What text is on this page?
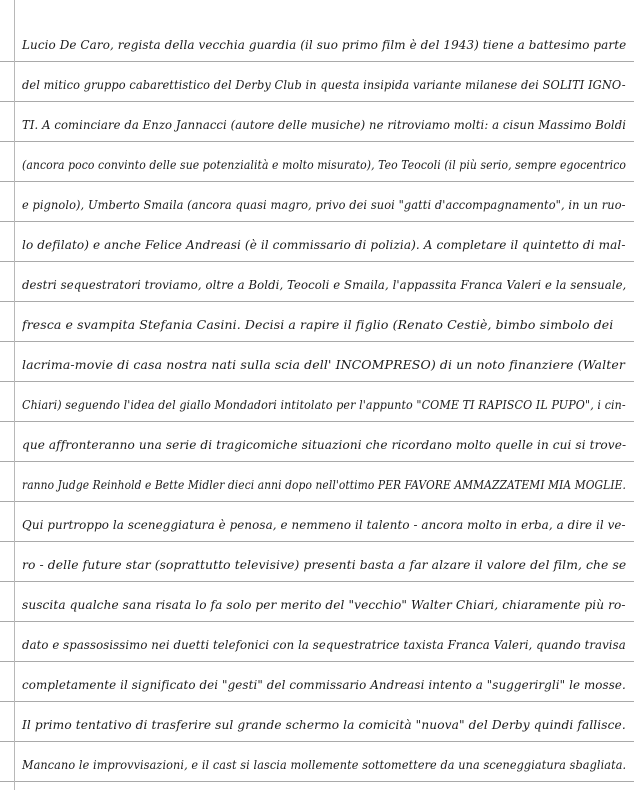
Lucio De Caro, regista della vecchia guardia (il suo primo film è del 1943) tiene a battesimo parte
del mitico gruppo cabarettistico del Derby Club in questa insipida variante milanese dei SOLITI IGNO-
TI. A cominciare da Enzo Jannacci (autore delle musiche) ne ritroviamo molti: a cisun Massimo Boldi
(ancora poco convinto delle sue potenzialità e molto misurato), Teo Teocoli (il più serio, sempre egocentrico
e pignolo), Umberto Smaila (ancora quasi magro, privo dei suoi "gatti d'accompagnamento", in un ruo-
lo defilato) e anche Felice Andreasi (è il commissario di polizia). A completare il quintetto di mal-
destri sequestratori troviamo, oltre a Boldi, Teocoli e Smaila, l'appassita Franca Valeri e la sensuale,
fresca e svampita Stefania Casini. Decisi a rapire il figlio (Renato Cestiè, bimbo simbolo dei
lacrima-movie di casa nostra nati sulla scia dell' INCOMPRESO) di un noto finanziere (Walter
Chiari) seguendo l'idea del giallo Mondadori intitolato per l'appunto "COME TI RAPISCO IL PUPO", i cin-
que affronteranno una serie di tragicomiche situazioni che ricordano molto quelle in cui si trove-
ranno Judge Reinhold e Bette Midler dieci anni dopo nell'ottimo PER FAVORE AMMAZZATEMI MIA MOGLIE.
Qui purtroppo la sceneggiatura è penosa, e nemmeno il talento - ancora molto in erba, a dire il ve-
ro - delle future star (soprattutto televisive) presenti basta a far alzare il valore del film, che se
suscita qualche sana risata lo fa solo per merito del "vecchio" Walter Chiari, chiaramente più ro-
dato e spassosissimo nei duetti telefonici con la sequestratrice taxista Franca Valeri, quando travisa
completamente il significato dei "gesti" del commissario Andreasi intento a "suggerirgli" le mosse.
Il primo tentativo di trasferire sul grande schermo la comicità "nuova" del Derby quindi fallisce.
Mancano le improvvisazioni, e il cast si lascia mollemente sottomettere da una sceneggiatura sbagliata.
